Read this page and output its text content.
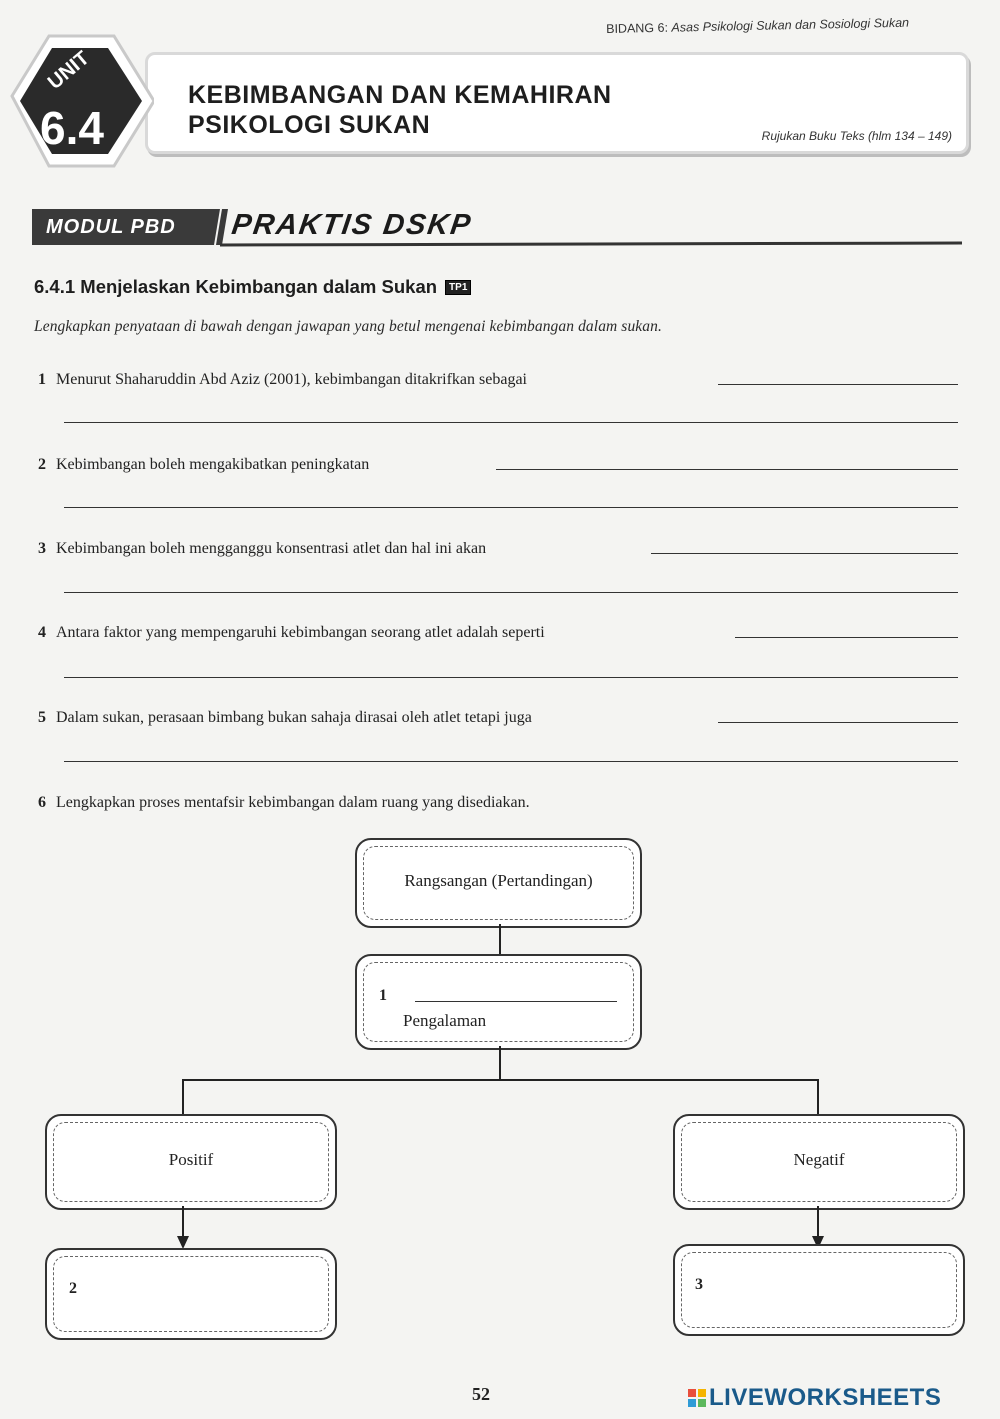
BIDANG 6: Asas Psikologi Sukan dan Sosiologi Sukan
KEBIMBANGAN DAN KEMAHIRAN
PSIKOLOGI SUKAN	Rujukan Buku Teks (hlm 134 – 149)
UNIT
6.4
MODUL PBD PRAKTIS DSKP
6.4.1 Menjelaskan Kebimbangan dalam Sukan TP1
Lengkapkan penyataan di bawah dengan jawapan yang betul mengenai kebimbangan dalam sukan.
1 Menurut Shaharuddin Abd Aziz (2001), kebimbangan ditakrifkan sebagai
2 Kebimbangan boleh mengakibatkan peningkatan
3 Kebimbangan boleh mengganggu konsentrasi atlet dan hal ini akan
4 Antara faktor yang mempengaruhi kebimbangan seorang atlet adalah seperti
5 Dalam sukan, perasaan bimbang bukan sahaja dirasai oleh atlet tetapi juga
6 Lengkapkan proses mentafsir kebimbangan dalam ruang yang disediakan.
Rangsangan (Pertandingan)
1
Pengalaman
Positif	Negatif
2	3
52	LIVEWORKSHEETS
